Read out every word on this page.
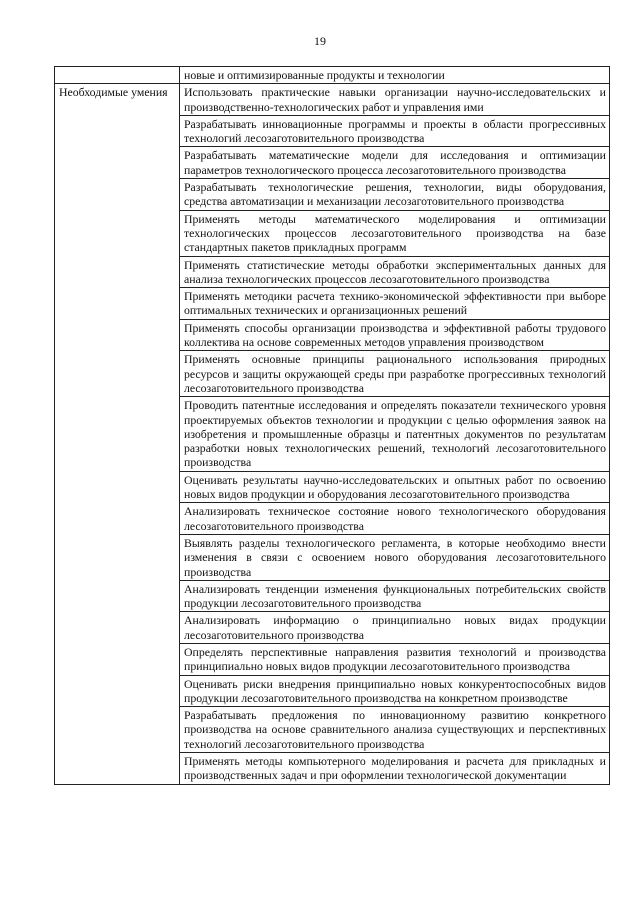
19
	новые и оптимизированные продукты и технологии
Необходимые умения	Использовать практические навыки организации научно-исследовательских и производственно-технологических работ и управления ими
	Разрабатывать инновационные программы и проекты в области прогрессивных технологий лесозаготовительного производства
	Разрабатывать математические модели для исследования и оптимизации параметров технологического процесса лесозаготовительного производства
	Разрабатывать технологические решения, технологии, виды оборудования, средства автоматизации и механизации лесозаготовительного производства
	Применять методы математического моделирования и оптимизации технологических процессов лесозаготовительного производства на базе стандартных пакетов прикладных программ
	Применять статистические методы обработки экспериментальных данных для анализа технологических процессов лесозаготовительного производства
	Применять методики расчета технико-экономической эффективности при выборе оптимальных технических и организационных решений
	Применять способы организации производства и эффективной работы трудового коллектива на основе современных методов управления производством
	Применять основные принципы рационального использования природных ресурсов и защиты окружающей среды при разработке прогрессивных технологий лесозаготовительного производства
	Проводить патентные исследования и определять показатели технического уровня проектируемых объектов технологии и продукции с целью оформления заявок на изобретения и промышленные образцы и патентных документов по результатам разработки новых технологических решений, технологий лесозаготовительного производства
	Оценивать результаты научно-исследовательских и опытных работ по освоению новых видов продукции и оборудования лесозаготовительного производства
	Анализировать техническое состояние нового технологического оборудования лесозаготовительного производства
	Выявлять разделы технологического регламента, в которые необходимо внести изменения в связи с освоением нового оборудования лесозаготовительного производства
	Анализировать тенденции изменения функциональных потребительских свойств продукции лесозаготовительного производства
	Анализировать информацию о принципиально новых видах продукции лесозаготовительного производства
	Определять перспективные направления развития технологий и производства принципиально новых видов продукции лесозаготовительного производства
	Оценивать риски внедрения принципиально новых конкурентоспособных видов продукции лесозаготовительного производства на конкретном производстве
	Разрабатывать предложения по инновационному развитию конкретного производства на основе сравнительного анализа существующих и перспективных технологий лесозаготовительного производства
	Применять методы компьютерного моделирования и расчета для прикладных и производственных задач и при оформлении технологической документации
